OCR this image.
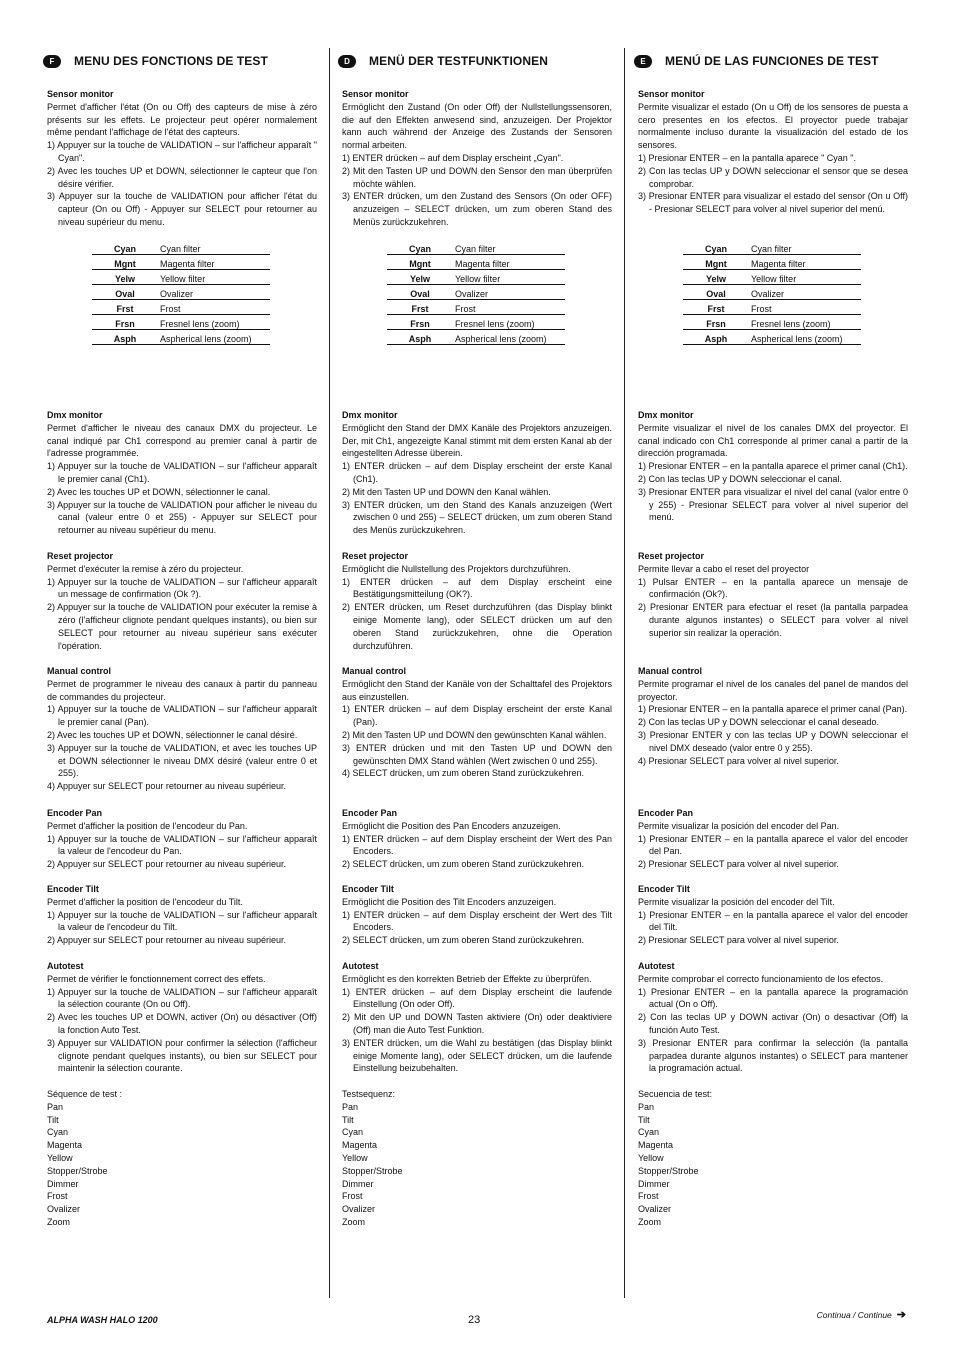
F	MENU DES FONCTIONS DE TEST
Sensor monitor
Permet d'afficher l'état (On ou Off) des capteurs de mise à zéro présents sur les effets. Le projecteur peut opérer normalement même pendant l'affichage de l'état des capteurs.
1) Appuyer sur la touche de VALIDATION – sur l'afficheur apparaît " Cyan".
2) Avec les touches UP et DOWN, sélectionner le capteur que l'on désire vérifier.
3) Appuyer sur la touche de VALIDATION pour afficher l'état du capteur (On ou Off) - Appuyer sur SELECT pour retourner au niveau supérieur du menu.
Dmx monitor
Permet d'afficher le niveau des canaux DMX du projecteur. Le canal indiqué par Ch1 correspond au premier canal à partir de l'adresse programmée.
1) Appuyer sur la touche de VALIDATION – sur l'afficheur apparaît le premier canal (Ch1).
2) Avec les touches UP et DOWN, sélectionner le canal.
3) Appuyer sur la touche de VALIDATION pour afficher le niveau du canal (valeur entre 0 et 255) - Appuyer sur SELECT pour retourner au niveau supérieur du menu.
Reset projector
Permet d'exécuter la remise à zéro du projecteur.
1) Appuyer sur la touche de VALIDATION – sur l'afficheur apparaît un message de confirmation (Ok ?).
2) Appuyer sur la touche de VALIDATION pour exécuter la remise à zéro (l'afficheur clignote pendant quelques instants), ou bien sur SELECT pour retourner au niveau supérieur sans exécuter l'opération.
Manual control
Permet de programmer le niveau des canaux à partir du panneau de commandes du projecteur.
1) Appuyer sur la touche de VALIDATION – sur l'afficheur apparaît le premier canal (Pan).
2) Avec les touches UP et DOWN, sélectionner le canal désiré.
3) Appuyer sur la touche de VALIDATION, et avec les touches UP et DOWN sélectionner le niveau DMX désiré (valeur entre 0 et 255).
4) Appuyer sur SELECT pour retourner au niveau supérieur.
Encoder Pan
Permet d'afficher la position de l'encodeur du Pan.
1) Appuyer sur la touche de VALIDATION – sur l'afficheur apparaît la valeur de l'encodeur du Pan.
2) Appuyer sur SELECT pour retourner au niveau supérieur.
Encoder Tilt
Permet d'afficher la position de l'encodeur du Tilt.
1) Appuyer sur la touche de VALIDATION – sur l'afficheur apparaît la valeur de l'encodeur du Tilt.
2) Appuyer sur SELECT pour retourner au niveau supérieur.
Autotest
Permet de vérifier le fonctionnement correct des effets.
1) Appuyer sur la touche de VALIDATION – sur l'afficheur apparaît la sélection courante (On ou Off).
2) Avec les touches UP et DOWN, activer (On) ou désactiver (Off) la fonction Auto Test.
3) Appuyer sur VALIDATION pour confirmer la sélection (l'afficheur clignote pendant quelques instants), ou bien sur SELECT pour maintenir la sélection courante.
Cyan	Cyan filter
Mgnt	Magenta filter
Yelw	Yellow filter
Oval	Ovalizer
Frst	Frost
Frsn	Fresnel lens (zoom)
Asph	Aspherical lens (zoom)
Séquence de test :
Pan
Tilt
Cyan
Magenta
Yellow
Stopper/Strobe
Dimmer
Frost
Ovalizer
Zoom
D	MENÜ DER TESTFUNKTIONEN
Sensor monitor
Ermöglicht den Zustand (On oder Off) der Nullstellungssensoren, die auf den Effekten anwesend sind, anzuzeigen. Der Projektor kann auch während der Anzeige des Zustands der Sensoren normal arbeiten.
1) ENTER drücken – auf dem Display erscheint „Cyan".
2) Mit den Tasten UP und DOWN den Sensor den man überprüfen möchte wählen.
3) ENTER drücken, um den Zustand des Sensors (On oder OFF) anzuzeigen – SELECT drücken, um zum oberen Stand des Menüs zurückzukehren.
Dmx monitor
Ermöglicht den Stand der DMX Kanäle des Projektors anzuzeigen. Der, mit Ch1, angezeigte Kanal stimmt mit dem ersten Kanal ab der eingestellten Adresse überein.
1) ENTER drücken – auf dem Display erscheint der erste Kanal (Ch1).
2) Mit den Tasten UP und DOWN den Kanal wählen.
3) ENTER drücken, um den Stand des Kanals anzuzeigen (Wert zwischen 0 und 255) – SELECT drücken, um zum oberen Stand des Menüs zurückzukehren.
Reset projector
Ermöglicht die Nullstellung des Projektors durchzuführen.
1) ENTER drücken – auf dem Display erscheint eine Bestätigungsmitteilung (OK?).
2) ENTER drücken, um Reset durchzuführen (das Display blinkt einige Momente lang), oder SELECT drücken um auf den oberen Stand zurückzukehren, ohne die Operation durchzuführen.
Manual control
Ermöglicht den Stand der Kanäle von der Schalttafel des Projektors aus einzustellen.
1) ENTER drücken – auf dem Display erscheint der erste Kanal (Pan).
2) Mit den Tasten UP und DOWN den gewünschten Kanal wählen.
3) ENTER drücken und mit den Tasten UP und DOWN den gewünschten DMX Stand wählen (Wert zwischen 0 und 255).
4) SELECT drücken, um zum oberen Stand zurückzukehren.
Encoder Pan
Ermöglicht die Position des Pan Encoders anzuzeigen.
1) ENTER drücken – auf dem Display erscheint der Wert des Pan Encoders.
2) SELECT drücken, um zum oberen Stand zurückzukehren.
Encoder Tilt
Ermöglicht die Position des Tilt Encoders anzuzeigen.
1) ENTER drücken – auf dem Display erscheint der Wert des Tilt Encoders.
2) SELECT drücken, um zum oberen Stand zurückzukehren.
Autotest
Ermöglicht es den korrekten Betrieb der Effekte zu überprüfen.
1) ENTER drücken – auf dem Display erscheint die laufende Einstellung (On oder Off).
2) Mit den UP und DOWN Tasten aktiviere (On) oder deaktiviere (Off) man die Auto Test Funktion.
3) ENTER drücken, um die Wahl zu bestätigen (das Display blinkt einige Momente lang), oder SELECT drücken, um die laufende Einstellung beizubehalten.
Cyan	Cyan filter
Mgnt	Magenta filter
Yelw	Yellow filter
Oval	Ovalizer
Frst	Frost
Frsn	Fresnel lens (zoom)
Asph	Aspherical lens (zoom)
Testsequenz:
Pan
Tilt
Cyan
Magenta
Yellow
Stopper/Strobe
Dimmer
Frost
Ovalizer
Zoom
E	MENÚ DE LAS FUNCIONES DE TEST
Sensor monitor
Permite visualizar el estado (On u Off) de los sensores de puesta a cero presentes en los efectos. El proyector puede trabajar normalmente incluso durante la visualización del estado de los sensores.
1) Presionar ENTER – en la pantalla aparece " Cyan ".
2) Con las teclas UP y DOWN seleccionar el sensor que se desea comprobar.
3) Presionar ENTER para visualizar el estado del sensor (On u Off) - Presionar SELECT para volver al nivel superior del menú.
Dmx monitor
Permite visualizar el nivel de los canales DMX del proyector. El canal indicado con Ch1 corresponde al primer canal a partir de la dirección programada.
1) Presionar ENTER – en la pantalla aparece el primer canal (Ch1).
2) Con las teclas UP y DOWN seleccionar el canal.
3) Presionar ENTER para visualizar el nivel del canal (valor entre 0 y 255) - Presionar SELECT para volver al nivel superior del menú.
Reset projector
Permite llevar a cabo el reset del proyector
1) Pulsar ENTER – en la pantalla aparece un mensaje de confirmación (Ok?).
2) Presionar ENTER para efectuar el reset (la pantalla parpadea durante algunos instantes) o SELECT para volver al nivel superior sin realizar la operación.
Manual control
Permite programar el nivel de los canales del panel de mandos del proyector.
1) Presionar ENTER – en la pantalla aparece el primer canal (Pan).
2) Con las teclas UP y DOWN seleccionar el canal deseado.
3) Presionar ENTER y con las teclas UP y DOWN seleccionar el nivel DMX deseado (valor entre 0 y 255).
4) Presionar SELECT para volver al nivel superior.
Encoder Pan
Permite visualizar la posición del encoder del Pan.
1) Presionar ENTER – en la pantalla aparece el valor del encoder del Pan.
2) Presionar SELECT para volver al nivel superior.
Encoder Tilt
Permite visualizar la posición del encoder del Tilt.
1) Presionar ENTER – en la pantalla aparece el valor del encoder del Tilt.
2) Presionar SELECT para volver al nivel superior.
Autotest
Permite comprobar el correcto funcionamiento de los efectos.
1) Presionar ENTER – en la pantalla aparece la programación actual (On o Off).
2) Con las teclas UP y DOWN activar (On) o desactivar (Off) la función Auto Test.
3) Presionar ENTER para confirmar la selección (la pantalla parpadea durante algunos instantes) o SELECT para mantener la programación actual.
Cyan	Cyan filter
Mgnt	Magenta filter
Yelw	Yellow filter
Oval	Ovalizer
Frst	Frost
Frsn	Fresnel lens (zoom)
Asph	Aspherical lens (zoom)
Secuencia de test:
Pan
Tilt
Cyan
Magenta
Yellow
Stopper/Strobe
Dimmer
Frost
Ovalizer
Zoom
ALPHA WASH HALO 1200	23	Continua / Continue ➔
